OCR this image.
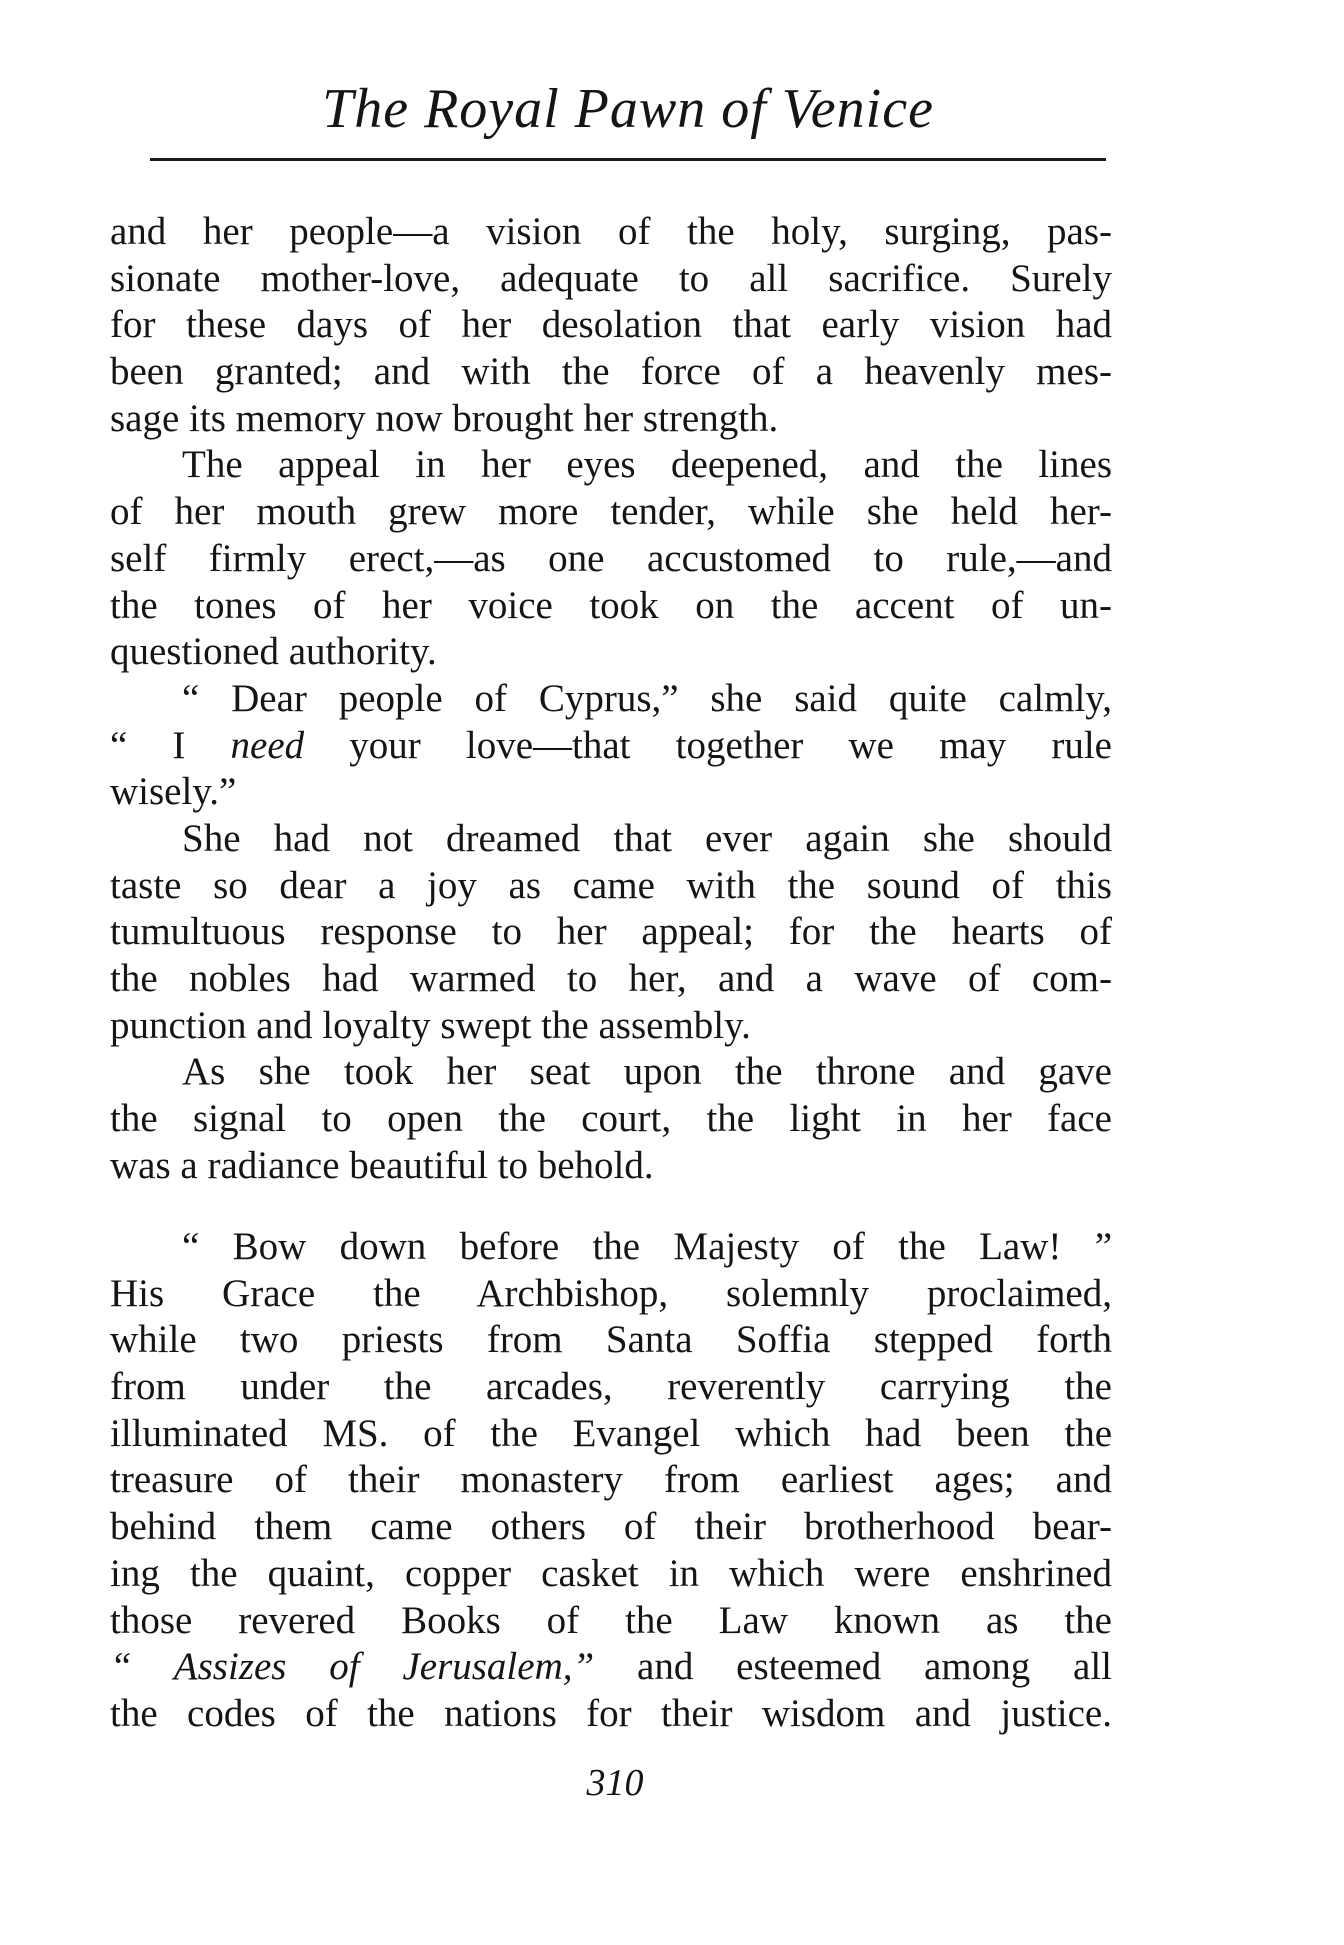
The Royal Pawn of Venice
and her people—a vision of the holy, surging, pas-
sionate mother-love, adequate to all sacrifice. Surely
for these days of her desolation that early vision had
been granted; and with the force of a heavenly mes-
sage its memory now brought her strength.
The appeal in her eyes deepened, and the lines
of her mouth grew more tender, while she held her-
self firmly erect,—as one accustomed to rule,—and
the tones of her voice took on the accent of un-
questioned authority.
“ Dear people of Cyprus,” she said quite calmly,
“ I need your love—that together we may rule
wisely.”
She had not dreamed that ever again she should
taste so dear a joy as came with the sound of this
tumultuous response to her appeal; for the hearts of
the nobles had warmed to her, and a wave of com-
punction and loyalty swept the assembly.
As she took her seat upon the throne and gave
the signal to open the court, the light in her face
was a radiance beautiful to behold.
“ Bow down before the Majesty of the Law! ”
His Grace the Archbishop, solemnly proclaimed,
while two priests from Santa Soffia stepped forth
from under the arcades, reverently carrying the
illuminated MS. of the Evangel which had been the
treasure of their monastery from earliest ages; and
behind them came others of their brotherhood bear-
ing the quaint, copper casket in which were enshrined
those revered Books of the Law known as the
“ Assizes of Jerusalem,” and esteemed among all
the codes of the nations for their wisdom and justice.
310
